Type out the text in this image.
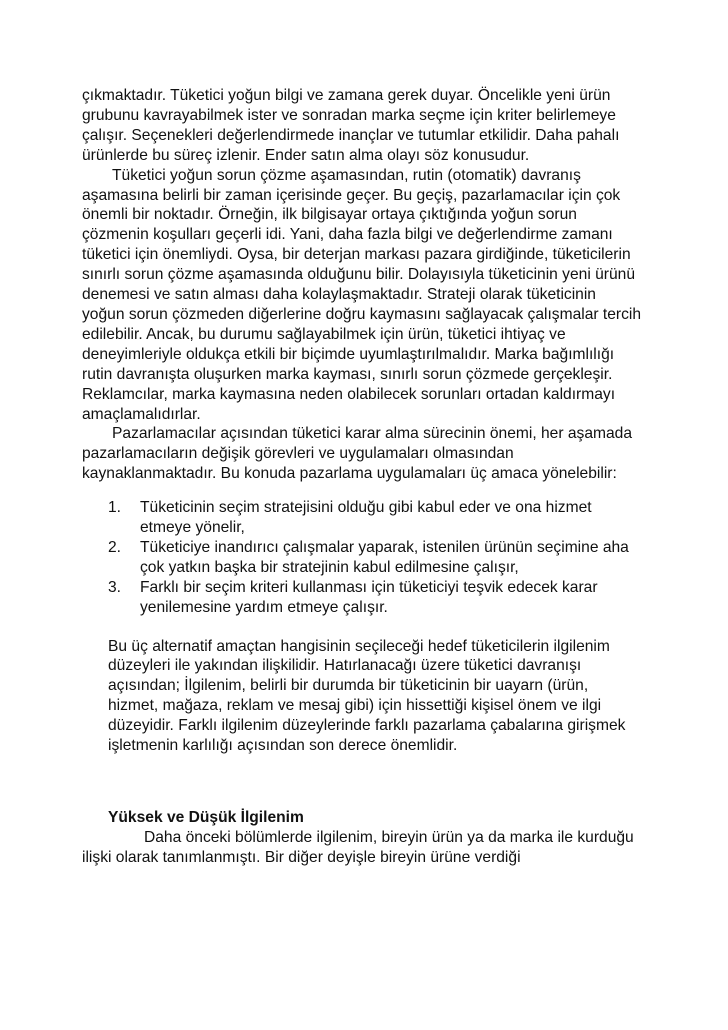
çıkmaktadır. Tüketici yoğun bilgi ve zamana gerek duyar. Öncelikle yeni ürün grubunu kavrayabilmek ister ve sonradan marka seçme için kriter belirlemeye çalışır. Seçenekleri değerlendirmede inançlar ve tutumlar etkilidir. Daha pahalı ürünlerde bu süreç izlenir. Ender satın alma olayı söz konusudur.

Tüketici yoğun sorun çözme aşamasından, rutin (otomatik) davranış aşamasına belirli bir zaman içerisinde geçer. Bu geçiş, pazarlamacılar için çok önemli bir noktadır. Örneğin, ilk bilgisayar ortaya çıktığında yoğun sorun çözmenin koşulları geçerli idi. Yani, daha fazla bilgi ve değerlendirme zamanı tüketici için önemliydi. Oysa, bir deterjan markası pazara girdiğinde, tüketicilerin sınırlı sorun çözme aşamasında olduğunu bilir. Dolayısıyla tüketicinin yeni ürünü denemesi ve satın alması daha kolaylaşmaktadır. Strateji olarak tüketicinin yoğun sorun çözmeden diğerlerine doğru kaymasını sağlayacak çalışmalar tercih edilebilir. Ancak, bu durumu sağlayabilmek için ürün, tüketici ihtiyaç ve deneyimleriyle oldukça etkili bir biçimde uyumlaştırılmalıdır. Marka bağımlılığı rutin davranışta oluşurken marka kayması, sınırlı sorun çözmede gerçekleşir. Reklamcılar, marka kaymasına neden olabilecek sorunları ortadan kaldırmayı amaçlamalıdırlar.

Pazarlamacılar açısından tüketici karar alma sürecinin önemi, her aşamada pazarlamacıların değişik görevleri ve uygulamaları olmasından kaynaklanmaktadır. Bu konuda pazarlama uygulamaları üç amaca yönelebilir:

1. Tüketicinin seçim stratejisini olduğu gibi kabul eder ve ona hizmet etmeye yönelir,
2. Tüketiciye inandırıcı çalışmalar yaparak, istenilen ürünün seçimine aha çok yatkın başka bir stratejinin kabul edilmesine çalışır,
3. Farklı bir seçim kriteri kullanması için tüketiciyi teşvik edecek karar yenilemesine yardım etmeye çalışır.

Bu üç alternatif amaçtan hangisinin seçileceği hedef tüketicilerin ilgilenim düzeyleri ile yakından ilişkilidir. Hatırlanacağı üzere tüketici davranışı açısından; İlgilenim, belirli bir durumda bir tüketicinin bir uayarn (ürün, hizmet, mağaza, reklam ve mesaj gibi) için hissettiği kişisel önem ve ilgi düzeyidir. Farklı ilgilenim düzeylerinde farklı pazarlama çabalarına girişmek işletmenin karlılığı açısından son derece önemlidir.

Yüksek ve Düşük İlgilenim

Daha önceki bölümlerde ilgilenim, bireyin ürün ya da marka ile kurduğu ilişki olarak tanımlanmıştı. Bir diğer deyişle bireyin ürüne verdiği
